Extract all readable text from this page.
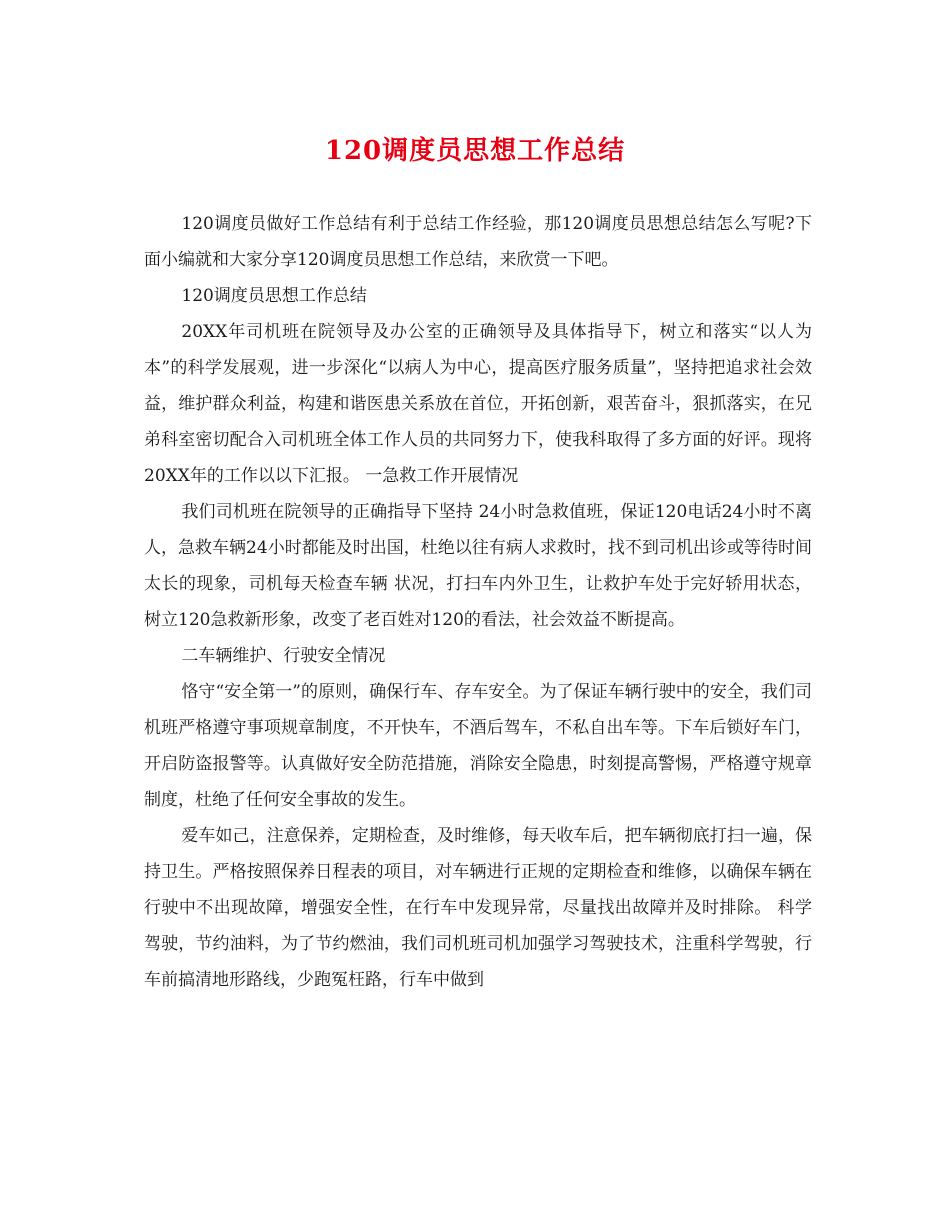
120调度员思想工作总结

120调度员做好工作总结有利于总结工作经验，那120调度员思想总结怎么写呢?下面小编就和大家分享120调度员思想工作总结，来欣赏一下吧。

120调度员思想工作总结

20XX年司机班在院领导及办公室的正确领导及具体指导下，树立和落实“以人为本”的科学发展观，进一步深化“以病人为中心，提高医疗服务质量”，坚持把追求社会效益，维护群众利益，构建和谐医患关系放在首位，开拓创新，艰苦奋斗，狠抓落实，在兄弟科室密切配合入司机班全体工作人员的共同努力下，使我科取得了多方面的好评。现将20XX年的工作以以下汇报。 一急救工作开展情况

我们司机班在院领导的正确指导下坚持 24小时急救值班，保证120电话24小时不离人，急救车辆24小时都能及时出国，杜绝以往有病人求救时，找不到司机出诊或等待时间太长的现象，司机每天检查车辆 状况，打扫车内外卫生，让救护车处于完好轿用状态，树立120急救新形象，改变了老百姓对120的看法，社会效益不断提高。

二车辆维护、行驶安全情况

恪守“安全第一”的原则，确保行车、存车安全。为了保证车辆行驶中的安全，我们司机班严格遵守事项规章制度，不开快车，不酒后驾车，不私自出车等。下车后锁好车门，开启防盗报警等。认真做好安全防范措施，消除安全隐患，时刻提高警惕，严格遵守规章制度，杜绝了任何安全事故的发生。

爱车如己，注意保养，定期检查，及时维修，每天收车后，把车辆彻底打扫一遍，保持卫生。严格按照保养日程表的项目，对车辆进行正规的定期检查和维修，以确保车辆在行驶中不出现故障，增强安全性，在行车中发现异常，尽量找出故障并及时排除。 科学驾驶，节约油料，为了节约燃油，我们司机班司机加强学习驾驶技术，注重科学驾驶，行车前搞清地形路线，少跑冤枉路，行车中做到
